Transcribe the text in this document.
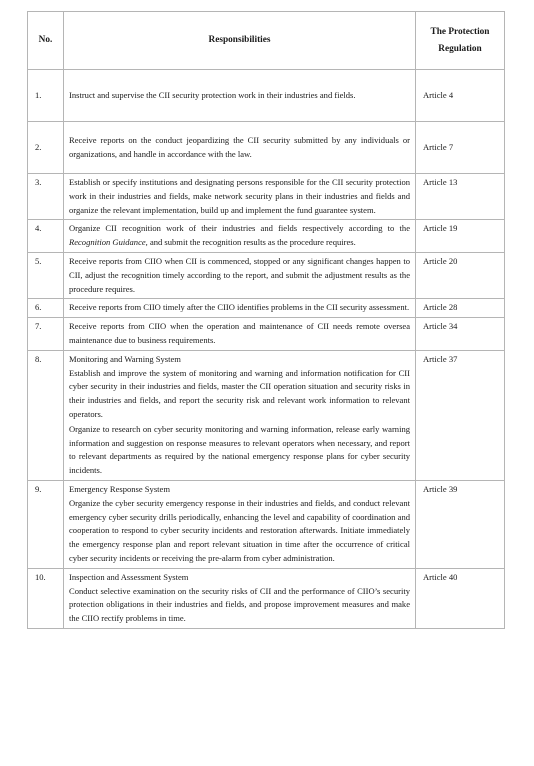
No.	Responsibilities	The Protection Regulation
1.	Instruct and supervise the CII security protection work in their industries and fields.	Article 4
2.	Receive reports on the conduct jeopardizing the CII security submitted by any individuals or organizations, and handle in accordance with the law.	Article 7
3.	Establish or specify institutions and designating persons responsible for the CII security protection work in their industries and fields, make network security plans in their industries and fields and organize the relevant implementation, build up and implement the fund guarantee system.	Article 13
4.	Organize CII recognition work of their industries and fields respectively according to the Recognition Guidance, and submit the recognition results as the procedure requires.	Article 19
5.	Receive reports from CIIO when CII is commenced, stopped or any significant changes happen to CII, adjust the recognition timely according to the report, and submit the adjustment results as the procedure requires.	Article 20
6.	Receive reports from CIIO timely after the CIIO identifies problems in the CII security assessment.	Article 28
7.	Receive reports from CIIO when the operation and maintenance of CII needs remote oversea maintenance due to business requirements.	Article 34
8.	Monitoring and Warning System

Establish and improve the system of monitoring and warning and information notification for CII cyber security in their industries and fields, master the CII operation situation and security risks in their industries and fields, and report the security risk and relevant work information to relevant operators.

Organize to research on cyber security monitoring and warning information, release early warning information and suggestion on response measures to relevant operators when necessary, and report to relevant departments as required by the national emergency response plans for cyber security incidents.	Article 37
9.	Emergency Response System

Organize the cyber security emergency response in their industries and fields, and conduct relevant emergency cyber security drills periodically, enhancing the level and capability of coordination and cooperation to respond to cyber security incidents and restoration afterwards. Initiate immediately the emergency response plan and report relevant situation in time after the occurrence of critical cyber security incidents or receiving the pre-alarm from cyber administration.	Article 39
10.	Inspection and Assessment System

Conduct selective examination on the security risks of CII and the performance of CIIO’s security protection obligations in their industries and fields, and propose improvement measures and make the CIIO rectify problems in time.	Article 40
